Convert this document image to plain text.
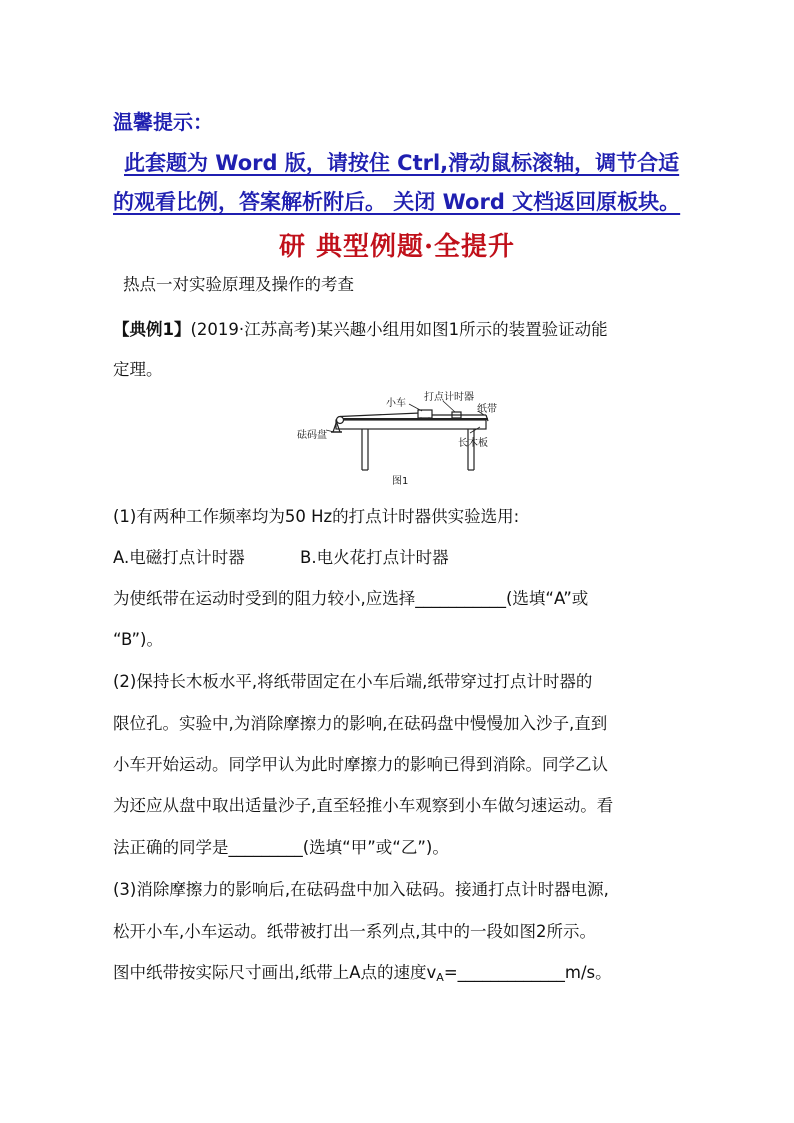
温馨提示：
此套题为 Word 版，请按住 Ctrl,滑动鼠标滚轴，调节合适
的观看比例，答案解析附后。 关闭 Word 文档返回原板块。
研 典型例题·全提升
热点一对实验原理及操作的考查
【典例1】(2019·江苏高考)某兴趣小组用如图1所示的装置验证动能
定理。
小车
打点计时器
纸带
砝码盘
长木板
图1
(1)有两种工作频率均为50 Hz的打点计时器供实验选用:
A.电磁打点计时器	B.电火花打点计时器
为使纸带在运动时受到的阻力较小,应选择___________(选填“A”或
“B”)。
(2)保持长木板水平,将纸带固定在小车后端,纸带穿过打点计时器的
限位孔。实验中,为消除摩擦力的影响,在砝码盘中慢慢加入沙子,直到
小车开始运动。同学甲认为此时摩擦力的影响已得到消除。同学乙认
为还应从盘中取出适量沙子,直至轻推小车观察到小车做匀速运动。看
法正确的同学是_________(选填“甲”或“乙”)。
(3)消除摩擦力的影响后,在砝码盘中加入砝码。接通打点计时器电源,
松开小车,小车运动。纸带被打出一系列点,其中的一段如图2所示。
图中纸带按实际尺寸画出,纸带上A点的速度$v_A=\_\_\_\_\_\_\_\_\_\_\_\_\_m/s$。
